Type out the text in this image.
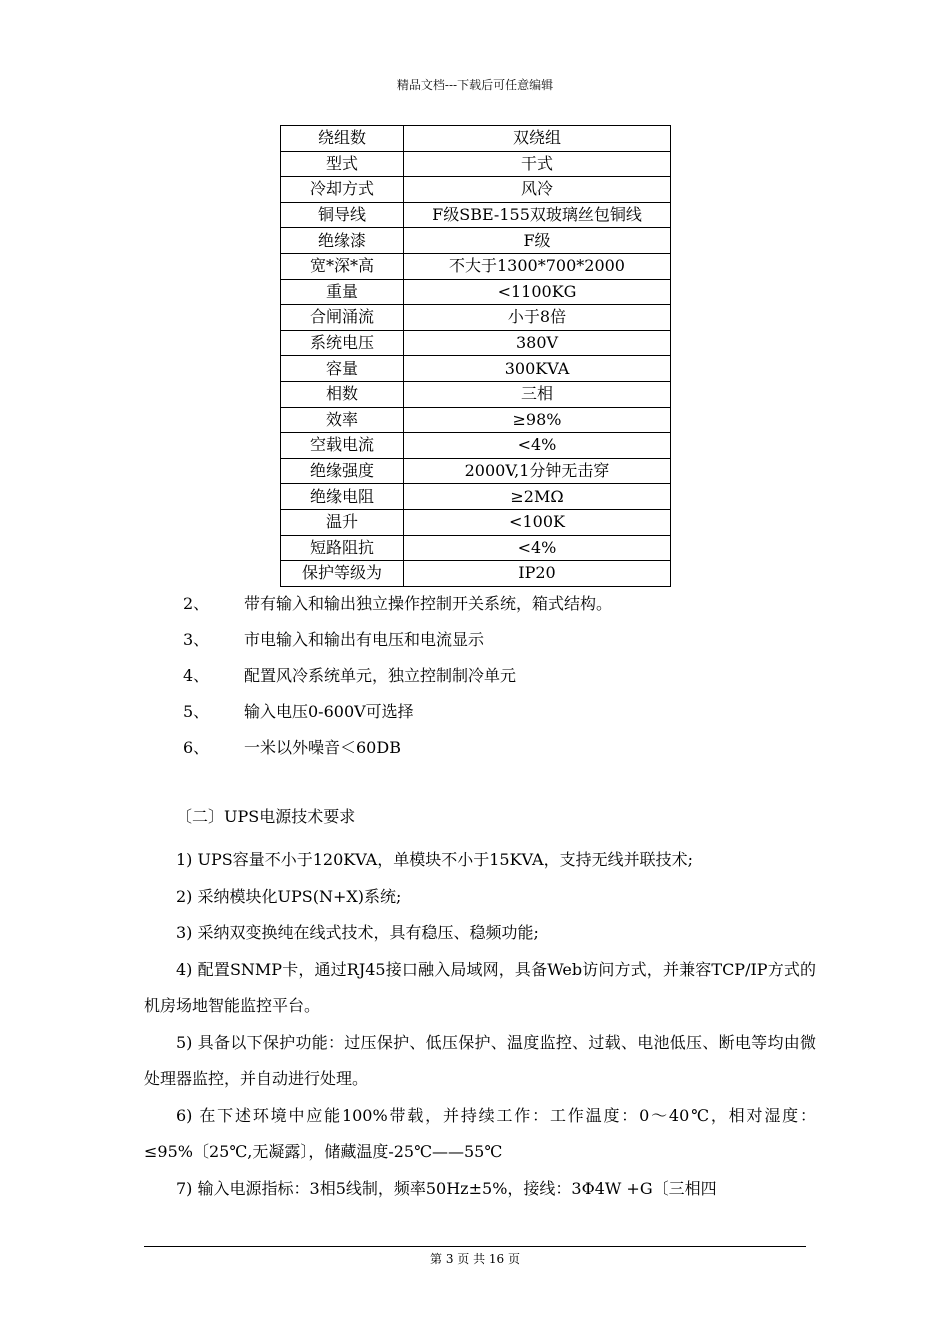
精品文档---下载后可任意编辑
绕组数	双绕组
型式	干式
冷却方式	风冷
铜导线	F级SBE-155双玻璃丝包铜线
绝缘漆	F级
宽*深*高	不大于1300*700*2000
重量	<1100KG
合闸涌流	小于8倍
系统电压	380V
容量	300KVA
相数	三相
效率	≥98%
空载电流	<4%
绝缘强度	2000V,1分钟无击穿
绝缘电阻	≥2MΩ
温升	<100K
短路阻抗	<4%
保护等级为	IP20
2、	带有输入和输出独立操作控制开关系统，箱式结构。
3、	市电输入和输出有电压和电流显示
4、	配置风冷系统单元，独立控制制冷单元
5、	输入电压0-600V可选择
6、	一米以外噪音＜60DB
〔二〕UPS电源技术要求
1) UPS容量不小于120KVA，单模块不小于15KVA，支持无线并联技术;
2) 采纳模块化UPS(N+X)系统;
3) 采纳双变换纯在线式技术，具有稳压、稳频功能;
4) 配置SNMP卡，通过RJ45接口融入局域网，具备Web访问方式，并兼容TCP/IP方式的机房场地智能监控平台。
5) 具备以下保护功能：过压保护、低压保护、温度监控、过载、电池低压、断电等均由微处理器监控，并自动进行处理。
6) 在下述环境中应能100%带载，并持续工作：工作温度：0～40℃，相对湿度：≤95%〔25℃,无凝露〕，储藏温度-25℃——55℃
7) 输入电源指标：3相5线制，频率50Hz±5%，接线：3Φ4W +G〔三相四
第 3 页 共 16 页
